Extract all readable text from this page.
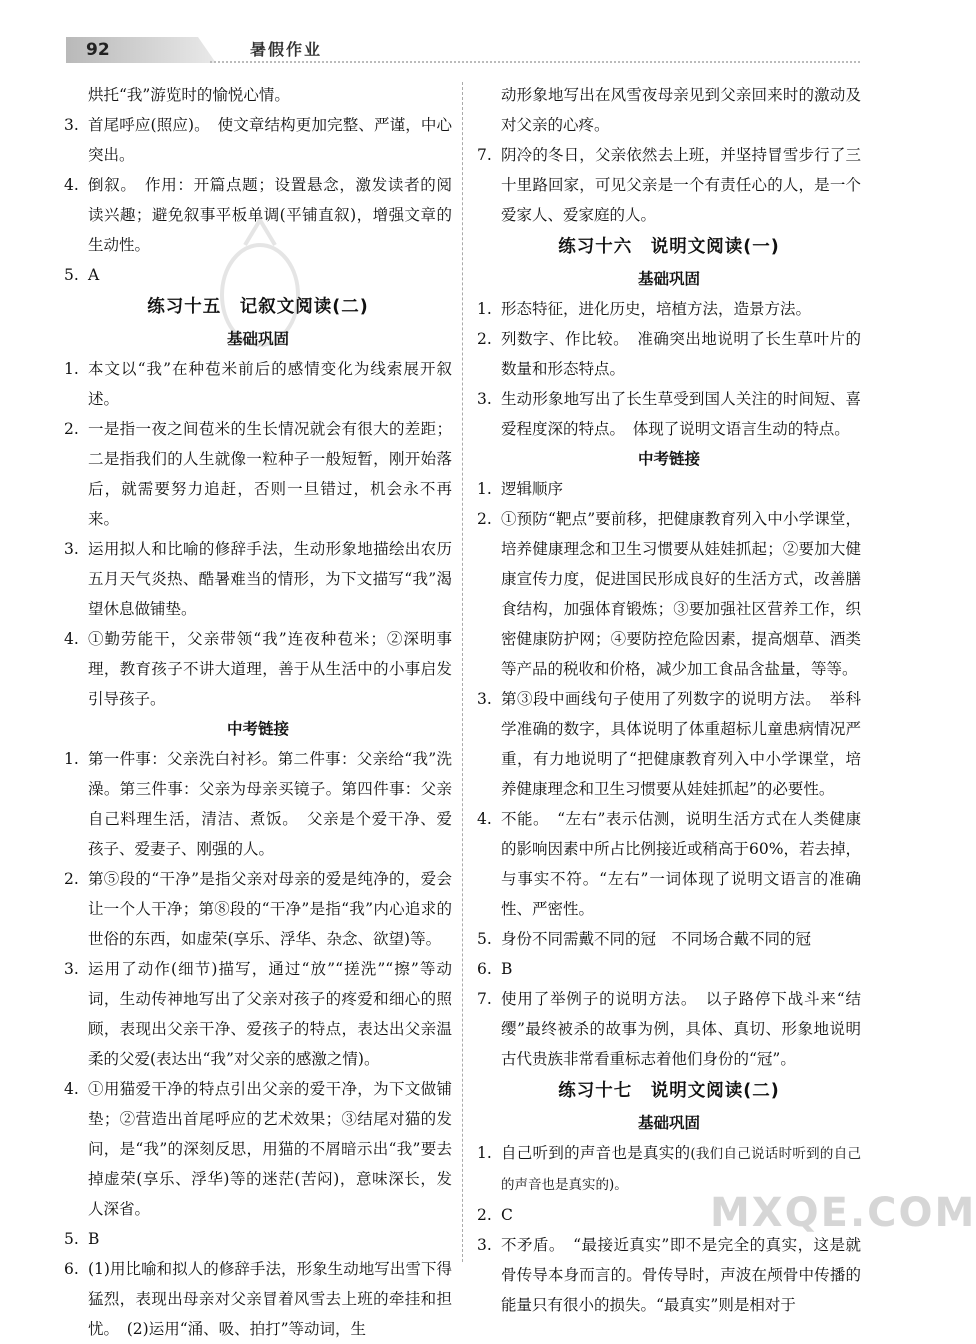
92	暑假作业

烘托“我”游览时的愉悦心情。

3. 首尾呼应(照应)。　使文章结构更加完整、严谨，中心突出。
4. 倒叙。　作用：开篇点题；设置悬念，激发读者的阅读兴趣；避免叙事平板单调(平铺直叙)，增强文章的生动性。
5. A

练习十五　记叙文阅读(二)

基础巩固

1. 本文以“我”在种苞米前后的感情变化为线索展开叙述。
2. 一是指一夜之间苞米的生长情况就会有很大的差距；二是指我们的人生就像一粒种子一般短暂，刚开始落后，就需要努力追赶，否则一旦错过，机会永不再来。
3. 运用拟人和比喻的修辞手法，生动形象地描绘出农历五月天气炎热、酷暑难当的情形，为下文描写“我”渴望休息做铺垫。
4. ①勤劳能干，父亲带领“我”连夜种苞米；②深明事理，教育孩子不讲大道理，善于从生活中的小事启发引导孩子。

中考链接

1. 第一件事：父亲洗白衬衫。第二件事：父亲给“我”洗澡。第三件事：父亲为母亲买镜子。第四件事：父亲自己料理生活，清洁、煮饭。　父亲是个爱干净、爱孩子、爱妻子、刚强的人。
2. 第⑤段的“干净”是指父亲对母亲的爱是纯净的，爱会让一个人干净；第⑧段的“干净”是指“我”内心追求的世俗的东西，如虚荣(享乐、浮华、杂念、欲望)等。
3. 运用了动作(细节)描写，通过“放”“搓洗”“擦”等动词，生动传神地写出了父亲对孩子的疼爱和细心的照顾，表现出父亲干净、爱孩子的特点，表达出父亲温柔的父爱(表达出“我”对父亲的感激之情)。
4. ①用猫爱干净的特点引出父亲的爱干净，为下文做铺垫；②营造出首尾呼应的艺术效果；③结尾对猫的发问，是“我”的深刻反思，用猫的不屑暗示出“我”要去掉虚荣(享乐、浮华)等的迷茫(苦闷)，意味深长，发人深省。
5. B
6. (1)用比喻和拟人的修辞手法，形象生动地写出雪下得猛烈，表现出母亲对父亲冒着风雪去上班的牵挂和担忧。　(2)运用“涌、吸、拍打”等动词，生

动形象地写出在风雪夜母亲见到父亲回来时的激动及对父亲的心疼。

7. 阴冷的冬日，父亲依然去上班，并坚持冒雪步行了三十里路回家，可见父亲是一个有责任心的人，是一个爱家人、爱家庭的人。

练习十六　说明文阅读(一)

基础巩固

1. 形态特征，进化历史，培植方法，造景方法。
2. 列数字、作比较。　准确突出地说明了长生草叶片的数量和形态特点。
3. 生动形象地写出了长生草受到国人关注的时间短、喜爱程度深的特点。　体现了说明文语言生动的特点。

中考链接

1. 逻辑顺序
2. ①预防“靶点”要前移，把健康教育列入中小学课堂，培养健康理念和卫生习惯要从娃娃抓起；②要加大健康宣传力度，促进国民形成良好的生活方式，改善膳食结构，加强体育锻炼；③要加强社区营养工作，织密健康防护网；④要防控危险因素，提高烟草、酒类等产品的税收和价格，减少加工食品含盐量，等等。
3. 第③段中画线句子使用了列数字的说明方法。　举科学准确的数字，具体说明了体重超标儿童患病情况严重，有力地说明了“把健康教育列入中小学课堂，培养健康理念和卫生习惯要从娃娃抓起”的必要性。
4. 不能。　“左右”表示估测，说明生活方式在人类健康的影响因素中所占比例接近或稍高于60%，若去掉，与事实不符。“左右”一词体现了说明文语言的准确性、严密性。
5. 身份不同需戴不同的冠　不同场合戴不同的冠
6. B
7. 使用了举例子的说明方法。　以子路停下战斗来“结缨”最终被杀的故事为例，具体、真切、形象地说明古代贵族非常看重标志着他们身份的“冠”。

练习十七　说明文阅读(二)

基础巩固

1. 自己听到的声音也是真实的(我们自己说话时听到的自己的声音也是真实的)。
2. C
3. 不矛盾。　“最接近真实”即不是完全的真实，这是就骨传导本身而言的。骨传导时，声波在颅骨中传播的能量只有很小的损失。“最真实”则是相对于
MXQE.COM
